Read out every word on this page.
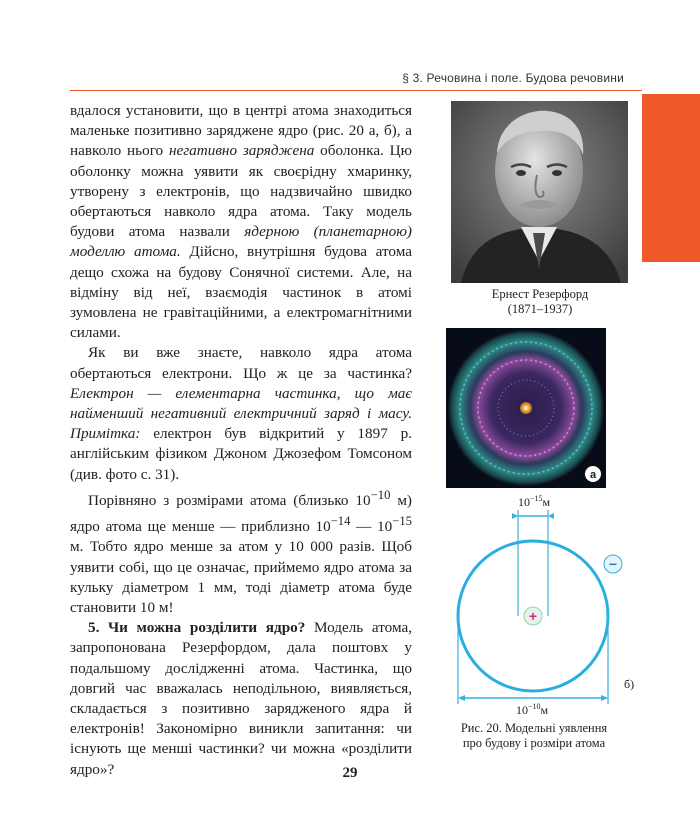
§ 3. Речовина і поле. Будова речовини

вдалося установити, що в центрі атома знаходиться маленьке позитивно заряджене ядро (рис. 20 а, б), а навколо нього негативно заряджена оболонка. Цю оболонку можна уявити як своєрідну хмаринку, утворену з електронів, що надзвичайно швидко обертаються навколо ядра атома. Таку модель будови атома назвали ядерною (планетарною) моделлю атома. Дійсно, внутрішня будова атома дещо схожа на будову Сонячної системи. Але, на відміну від неї, взаємодія частинок в атомі зумовлена не гравітаційними, а електромагнітними силами.

Як ви вже знаєте, навколо ядра атома обертаються електрони. Що ж це за частинка? Електрон — елементарна частинка, що має найменший негативний електричний заряд і масу. Примітка: електрон був відкритий у 1897 р. англійським фізиком Джоном Джозефом Томсоном (див. фото с. 31).

Порівняно з розмірами атома (близько $10^{-10}$ м) ядро атома ще менше — приблизно $10^{-14}$ — $10^{-15}$ м. Тобто ядро менше за атом у 10 000 разів. Щоб уявити собі, що це означає, приймемо ядро атома за кульку діаметром 1 мм, тоді діаметр атома буде становити 10 м!

5. Чи можна розділити ядро? Модель атома, запропонована Резерфордом, дала поштовх у подальшому дослідженні атома. Частинка, що довгий час вважалась неподільною, виявляється, складається з позитивно зарядженого ядра й електронів! Закономірно виникли запитання: чи існують ще менші частинки? чи можна «розділити ядро»?

Ернест Резерфорд
(1871–1937)
а
$10^{-15}м$
+
−
$10^{-10}м$
б)
Рис. 20. Модельні уявлення
про будову і розміри атома
29
